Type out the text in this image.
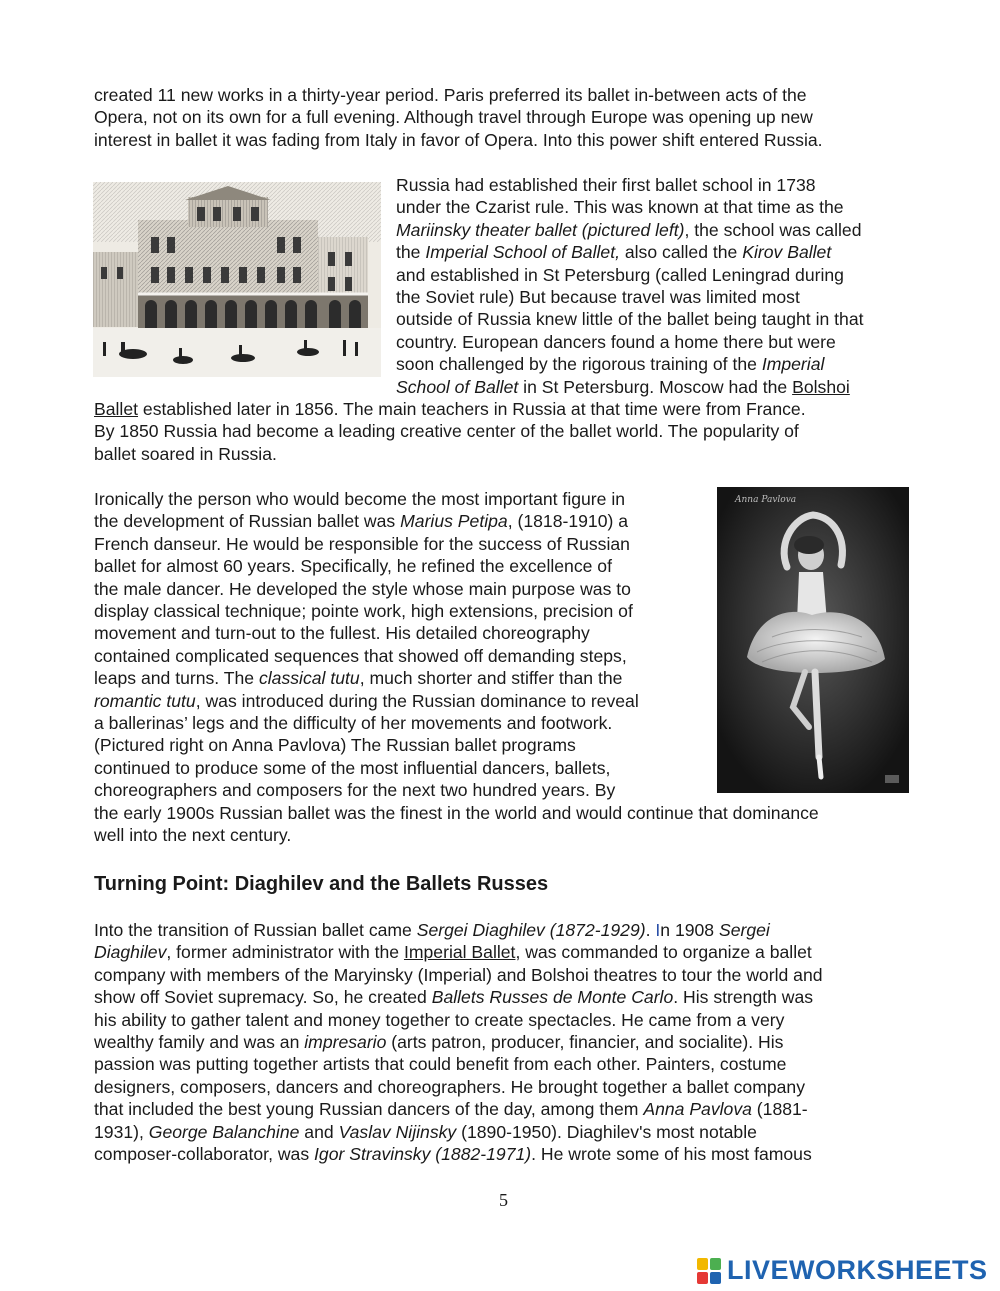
created 11 new works in a thirty-year period. Paris preferred its ballet in-between acts of the
Opera, not on its own for a full evening. Although travel through Europe was opening up new
interest in ballet it was fading from Italy in favor of Opera. Into this power shift entered Russia.
Russia had established their first ballet school in 1738
under the Czarist rule. This was known at that time as the
Mariinsky theater ballet (pictured left), the school was called
the Imperial School of Ballet, also called the Kirov Ballet
and established in St Petersburg (called Leningrad during
the Soviet rule) But because travel was limited most
outside of Russia knew little of the ballet being taught in that
country. European dancers found a home there but were
soon challenged by the rigorous training of the Imperial
School of Ballet in St Petersburg. Moscow had the Bolshoi
Ballet established later in 1856. The main teachers in Russia at that time were from France.
By 1850 Russia had become a leading creative center of the ballet world. The popularity of
ballet soared in Russia.
Anna Pavlova
Ironically the person who would become the most important figure in
the development of Russian ballet was Marius Petipa, (1818-1910) a
French danseur. He would be responsible for the success of Russian
ballet for almost 60 years. Specifically, he refined the excellence of
the male dancer. He developed the style whose main purpose was to
display classical technique; pointe work, high extensions, precision of
movement and turn-out to the fullest. His detailed choreography
contained complicated sequences that showed off demanding steps,
leaps and turns. The classical tutu, much shorter and stiffer than the
romantic tutu, was introduced during the Russian dominance to reveal
a ballerinas’ legs and the difficulty of her movements and footwork.
(Pictured right on Anna Pavlova) The Russian ballet programs
continued to produce some of the most influential dancers, ballets,
choreographers and composers for the next two hundred years. By
the early 1900s Russian ballet was the finest in the world and would continue that dominance
well into the next century.
Turning Point: Diaghilev and the Ballets Russes
Into the transition of Russian ballet came Sergei Diaghilev (1872-1929). In 1908 Sergei
Diaghilev, former administrator with the Imperial Ballet, was commanded to organize a ballet
company with members of the Maryinsky (Imperial) and Bolshoi theatres to tour the world and
show off Soviet supremacy. So, he created Ballets Russes de Monte Carlo. His strength was
his ability to gather talent and money together to create spectacles. He came from a very
wealthy family and was an impresario (arts patron, producer, financier, and socialite). His
passion was putting together artists that could benefit from each other. Painters, costume
designers, composers, dancers and choreographers. He brought together a ballet company
that included the best young Russian dancers of the day, among them Anna Pavlova (1881-
1931), George Balanchine and Vaslav Nijinsky (1890-1950). Diaghilev's most notable
composer-collaborator, was Igor Stravinsky (1882-1971). He wrote some of his most famous
5
LIVEWORKSHEETS
